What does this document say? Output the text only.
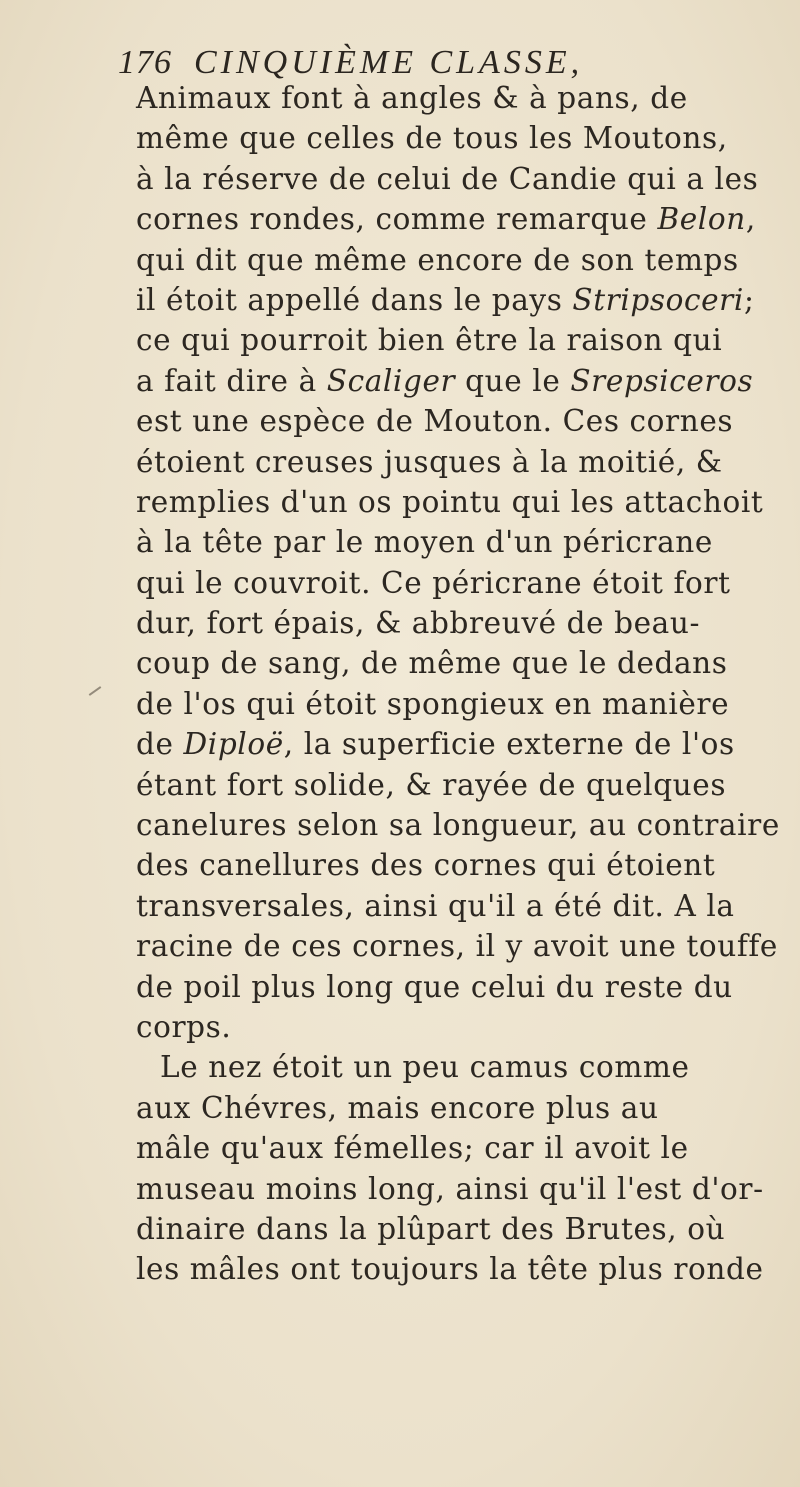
176 CINQUIÈME CLASSE,
Animaux font à angles & à pans, de
même que celles de tous les Moutons,
à la réserve de celui de Candie qui a les
cornes rondes, comme remarque Belon,
qui dit que même encore de son temps
il étoit appellé dans le pays Stripsoceri;
ce qui pourroit bien être la raison qui
a fait dire à Scaliger que le Srepsiceros
est une espèce de Mouton. Ces cornes
étoient creuses jusques à la moitié, &
remplies d'un os pointu qui les attachoit
à la tête par le moyen d'un péricrane
qui le couvroit. Ce péricrane étoit fort
dur, fort épais, & abbreuvé de beau-
coup de sang, de même que le dedans
de l'os qui étoit spongieux en manière
de Diploë, la superficie externe de l'os
étant fort solide, & rayée de quelques
canelures selon sa longueur, au contraire
des canellures des cornes qui étoient
transversales, ainsi qu'il a été dit. A la
racine de ces cornes, il y avoit une touffe
de poil plus long que celui du reste du
corps.
Le nez étoit un peu camus comme
aux Chévres, mais encore plus au
mâle qu'aux fémelles; car il avoit le
museau moins long, ainsi qu'il l'est d'or-
dinaire dans la plûpart des Brutes, où
les mâles ont toujours la tête plus ronde
